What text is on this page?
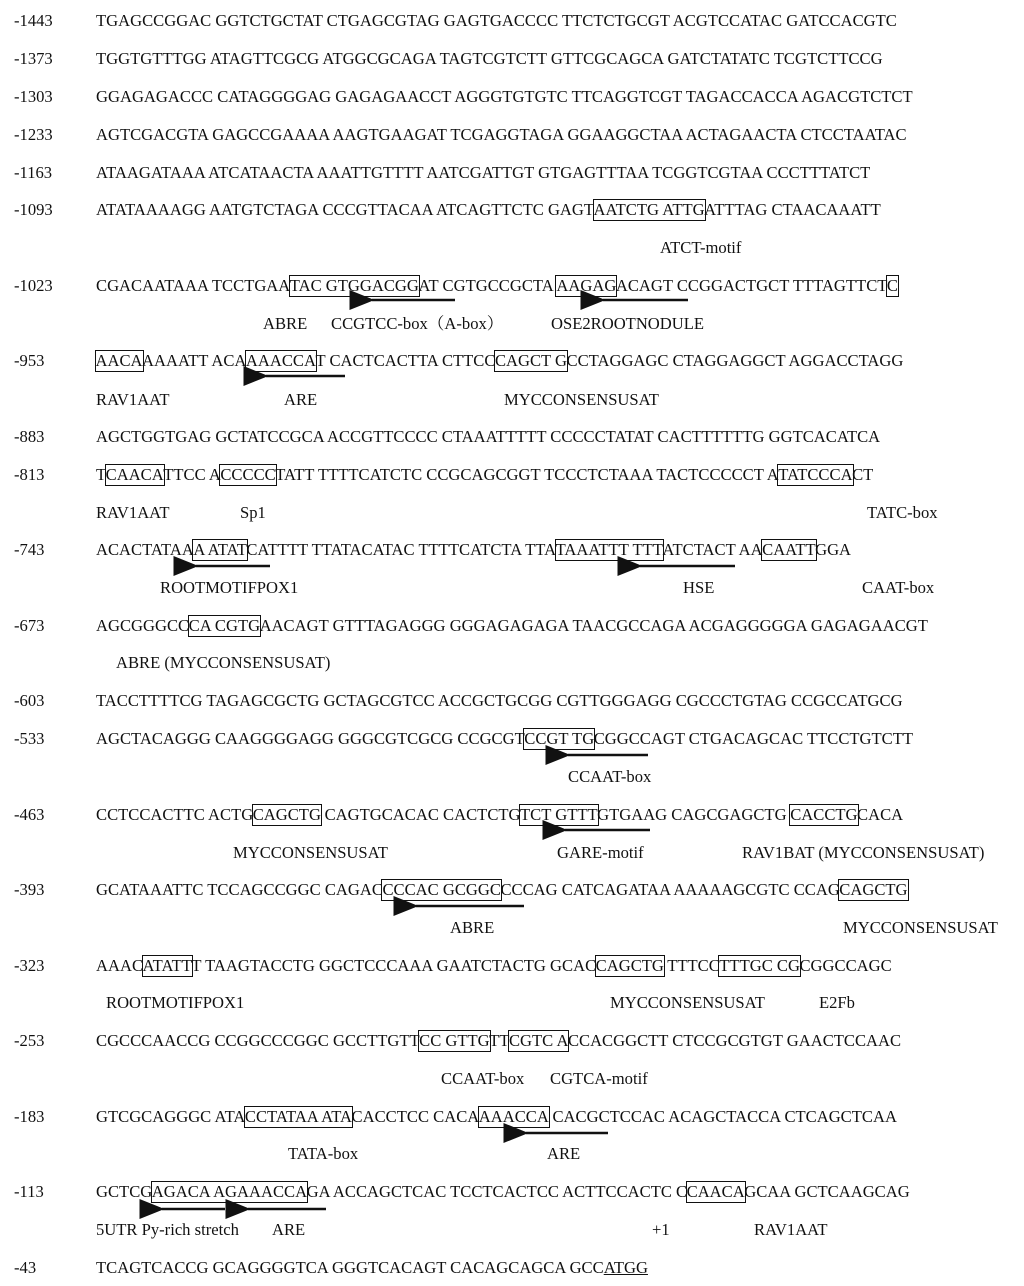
-1443	TGAGCCGGAC GGTCTGCTAT CTGAGCGTAG GAGTGACCCC TTCTCTGCGT ACGTCCATAC GATCCACGTC
-1373	TGGTGTTTGG ATAGTTCGCG ATGGCGCAGA TAGTCGTCTT GTTCGCAGCA GATCTATATC TCGTCTTCCG
-1303	GGAGAGACCC CATAGGGGAG GAGAGAACCT AGGGTGTGTC TTCAGGTCGT TAGACCACCA AGACGTCTCT
-1233	AGTCGACGTA GAGCCGAAAA AAGTGAAGAT TCGAGGTAGA GGAAGGCTAA ACTAGAACTA CTCCTAATAC
-1163	ATAAGATAAA ATCATAACTA AAATTGTTTT AATCGATTGT GTGAGTTTAA TCGGTCGTAA CCCTTTATCT
-1093	ATATAAAAGG AATGTCTAGA CCCGTTACAA ATCAGTTCTC GAGTAATCTG ATTGATTTAG CTAACAAATT
-1023	CGACAATAAA TCCTGAATAC GTGGACGGAT CGTGCCGCTA AAGAGACAGT CCGGACTGCT TTTAGTTCTC
-953	AACAAAAATT ACAAAACCAT CACTCACTTA CTTCCCAGCT GCCTAGGAGC CTAGGAGGCT AGGACCTAGG
-883	AGCTGGTGAG GCTATCCGCA ACCGTTCCCC CTAAATTTTT CCCCCTATAT CACTTTTTTG GGTCACATCA
-813	TCAACATTCC ACCCCCTATT TTTTCATCTC CCGCAGCGGT TCCCTCTAAA TACTCCCCCT ATATCCCACT
-743	ACACTATAAA ATATCATTTT TTATACATAC TTTTCATCTA TTATAAATTT TTTATCTACT AACAATTGGA
-673	AGCGGGCCCA CGTGAACAGT GTTTAGAGGG GGGAGAGAGA TAACGCCAGA ACGAGGGGGA GAGAGAACGT
-603	TACCTTTTCG TAGAGCGCTG GCTAGCGTCC ACCGCTGCGG CGTTGGGAGG CGCCCTGTAG CCGCCATGCG
-533	AGCTACAGGG CAAGGGGAGG GGGCGTCGCG CCGCGTCCGT TGCGGCCAGT CTGACAGCAC TTCCTGTCTT
-463	CCTCCACTTC ACTGCAGCTG CAGTGCACAC CACTCTGTCT GTTTGTGAAG CAGCGAGCTG CACCTGCACA
-393	GCATAAATTC TCCAGCCGGC CAGACCCCAC GCGGCCCCAG CATCAGATAA AAAAAGCGTC CCAGCAGCTG
-323	AAACATATTT TAAGTACCTG GGCTCCCAAA GAATCTACTG GCACCAGCTG TTTCCTTTGC CGCGGCCAGC
-253	CGCCCAACCG CCGGCCCGGC GCCTTGTTCC GTTGTTCGTC ACCACGGCTT CTCCGCGTGT GAACTCCAAC
-183	GTCGCAGGGC ATACCTATAA ATACACCTCC CACAAAACCA CACGCTCCAC ACAGCTACCA CTCAGCTCAA
-113	GCTCGAGACA AGAAACCAGA ACCAGCTCAC TCCTCACTCC ACTTCCACTC CCAACAGCAA GCTCAAGCAG
-43	TCAGTCACCG GCAGGGGTCA GGGTCACAGT CACAGCAGCA GCCATGG
ATCT-motif
ABRE CCGTCC-box（A-box）	OSE2ROOTNODULE
RAV1AAT	ARE	MYCCONSENSUSAT
RAV1AAT	Sp1	TATC-box
ROOTMOTIFPOX1	HSE	CAAT-box
ABRE (MYCCONSENSUSAT)
CCAAT-box
MYCCONSENSUSAT	GARE-motif	RAV1BAT (MYCCONSENSUSAT)
ABRE	MYCCONSENSUSAT
ROOTMOTIFPOX1	MYCCONSENSUSAT	E2Fb
CCAAT-box CGTCA-motif
TATA-box	ARE
5UTR Py-rich stretch ARE	+1	RAV1AAT
